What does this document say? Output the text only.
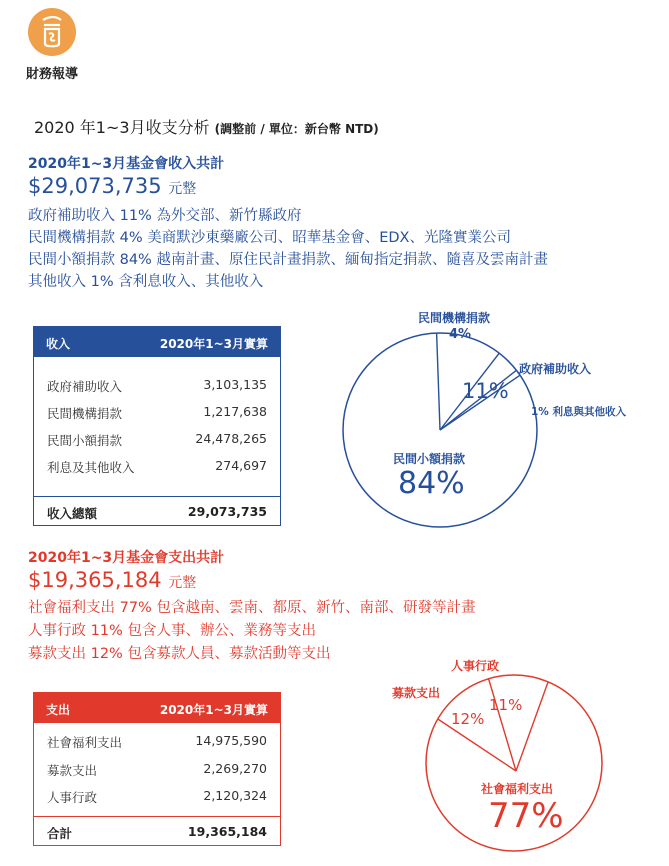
財務報導
2020 年1~3月收支分析 (調整前 / 單位：新台幣 NTD)
2020年1~3月基金會收入共計
$29,073,735 元整
政府補助收入 11% 為外交部、新竹縣政府
民間機構捐款 4% 美商默沙東藥廠公司、昭華基金會、EDX、光隆實業公司
民間小額捐款 84% 越南計畫、原住民計畫捐款、緬甸指定捐款、隨喜及雲南計畫
其他收入 1% 含利息收入、其他收入
收入	2020年1~3月實算
政府補助收入	3,103,135
民間機構捐款	1,217,638
民間小額捐款	24,478,265
利息及其他收入	274,697
收入總額	29,073,735
民間機構捐款
4%
政府補助收入
11%
1% 利息與其他收入
民間小額捐款
84%
2020年1~3月基金會支出共計
$19,365,184 元整
社會福利支出 77% 包含越南、雲南、都原、新竹、南部、研發等計畫
人事行政 11% 包含人事、辦公、業務等支出
募款支出 12% 包含募款人員、募款活動等支出
支出	2020年1~3月實算
社會福利支出	14,975,590
募款支出	2,269,270
人事行政	2,120,324
合計	19,365,184
人事行政
募款支出
12%
11%
社會福利支出
77%
